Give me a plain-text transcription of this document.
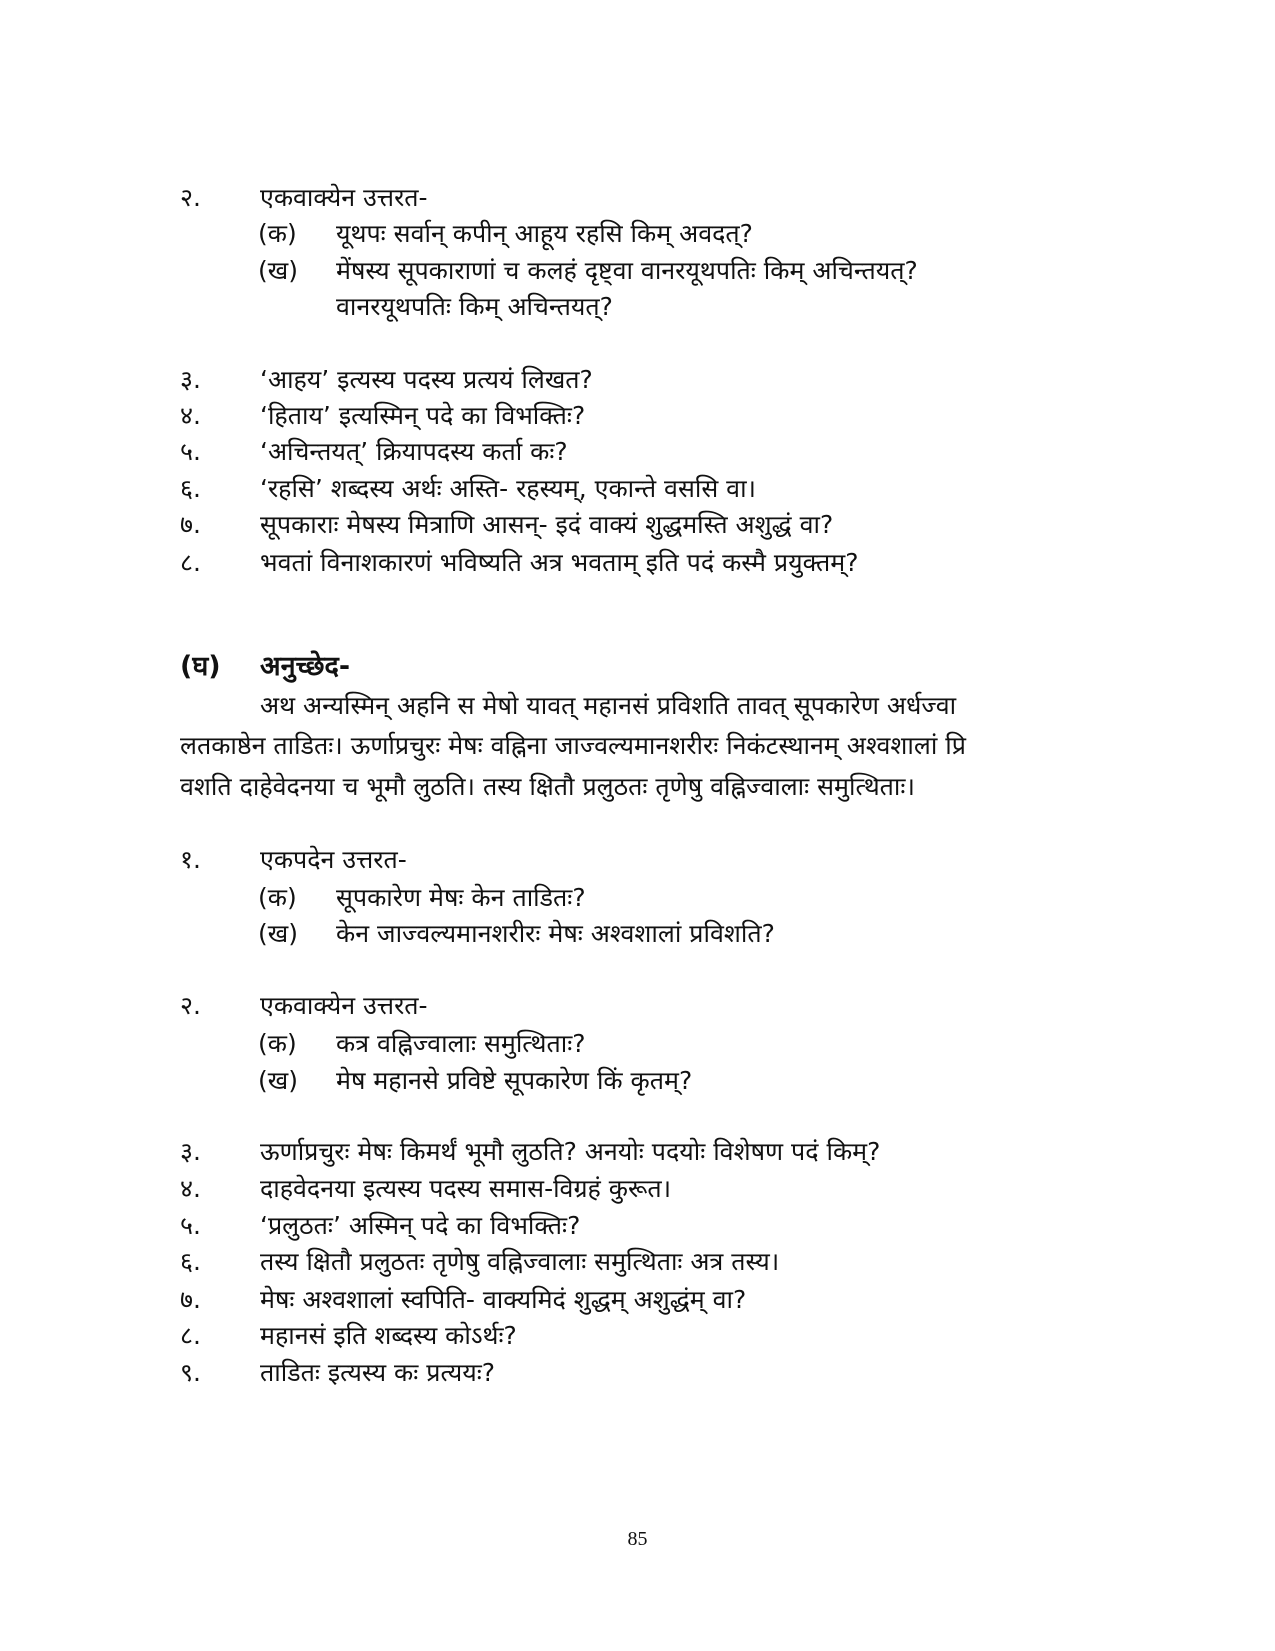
२. एकवाक्येन उत्तरत-
(क) यूथपः सर्वान् कपीन् आहूय रहसि किम् अवदत्?
(ख) मेंषस्य सूपकाराणां च कलहं दृष्ट्वा वानरयूथपतिः किम् अचिन्तयत्?
वानरयूथपतिः किम् अचिन्तयत्?
३. ‘आहय’ इत्यस्य पदस्य प्रत्ययं लिखत?
४. ‘हिताय’ इत्यस्मिन् पदे का विभक्तिः?
५. ‘अचिन्तयत्’ क्रियापदस्य कर्ता कः?
६. ‘रहसि’ शब्दस्य अर्थः अस्ति- रहस्यम्, एकान्ते वससि वा।
७. सूपकाराः मेषस्य मित्राणि आसन्- इदं वाक्यं शुद्धमस्ति अशुद्धं वा?
८. भवतां विनाशकारणं भविष्यति अत्र भवताम् इति पदं कस्मै प्रयुक्तम्?
(घ) अनुच्छेद-
अथ अन्यस्मिन् अहनि स मेषो यावत् महानसं प्रविशति तावत् सूपकारेण अर्धज्वा
लतकाष्ठेन ताडितः। ऊर्णाप्रचुरः मेषः वह्निना जाज्वल्यमानशरीरः निकंटस्थानम् अश्वशालां प्रि
वशति दाहेवेदनया च भूमौ लुठति। तस्य क्षितौ प्रलुठतः तृणेषु वह्निज्वालाः समुत्थिताः।
१. एकपदेन उत्तरत-
(क) सूपकारेण मेषः केन ताडितः?
(ख) केन जाज्वल्यमानशरीरः मेषः अश्वशालां प्रविशति?
२. एकवाक्येन उत्तरत-
(क) कत्र वह्निज्वालाः समुत्थिताः?
(ख) मेष महानसे प्रविष्टे सूपकारेण किं कृतम्?
३. ऊर्णाप्रचुरः मेषः किमर्थं भूमौ लुठति? अनयोः पदयोः विशेषण पदं किम्?
४. दाहवेदनया इत्यस्य पदस्य समास-विग्रहं कुरूत।
५. ‘प्रलुठतः’ अस्मिन् पदे का विभक्तिः?
६. तस्य क्षितौ प्रलुठतः तृणेषु वह्निज्वालाः समुत्थिताः अत्र तस्य।
७. मेषः अश्वशालां स्वपिति- वाक्यमिदं शुद्धम् अशुद्धंम् वा?
८. महानसं इति शब्दस्य कोऽर्थः?
९. ताडितः इत्यस्य कः प्रत्ययः?
85
